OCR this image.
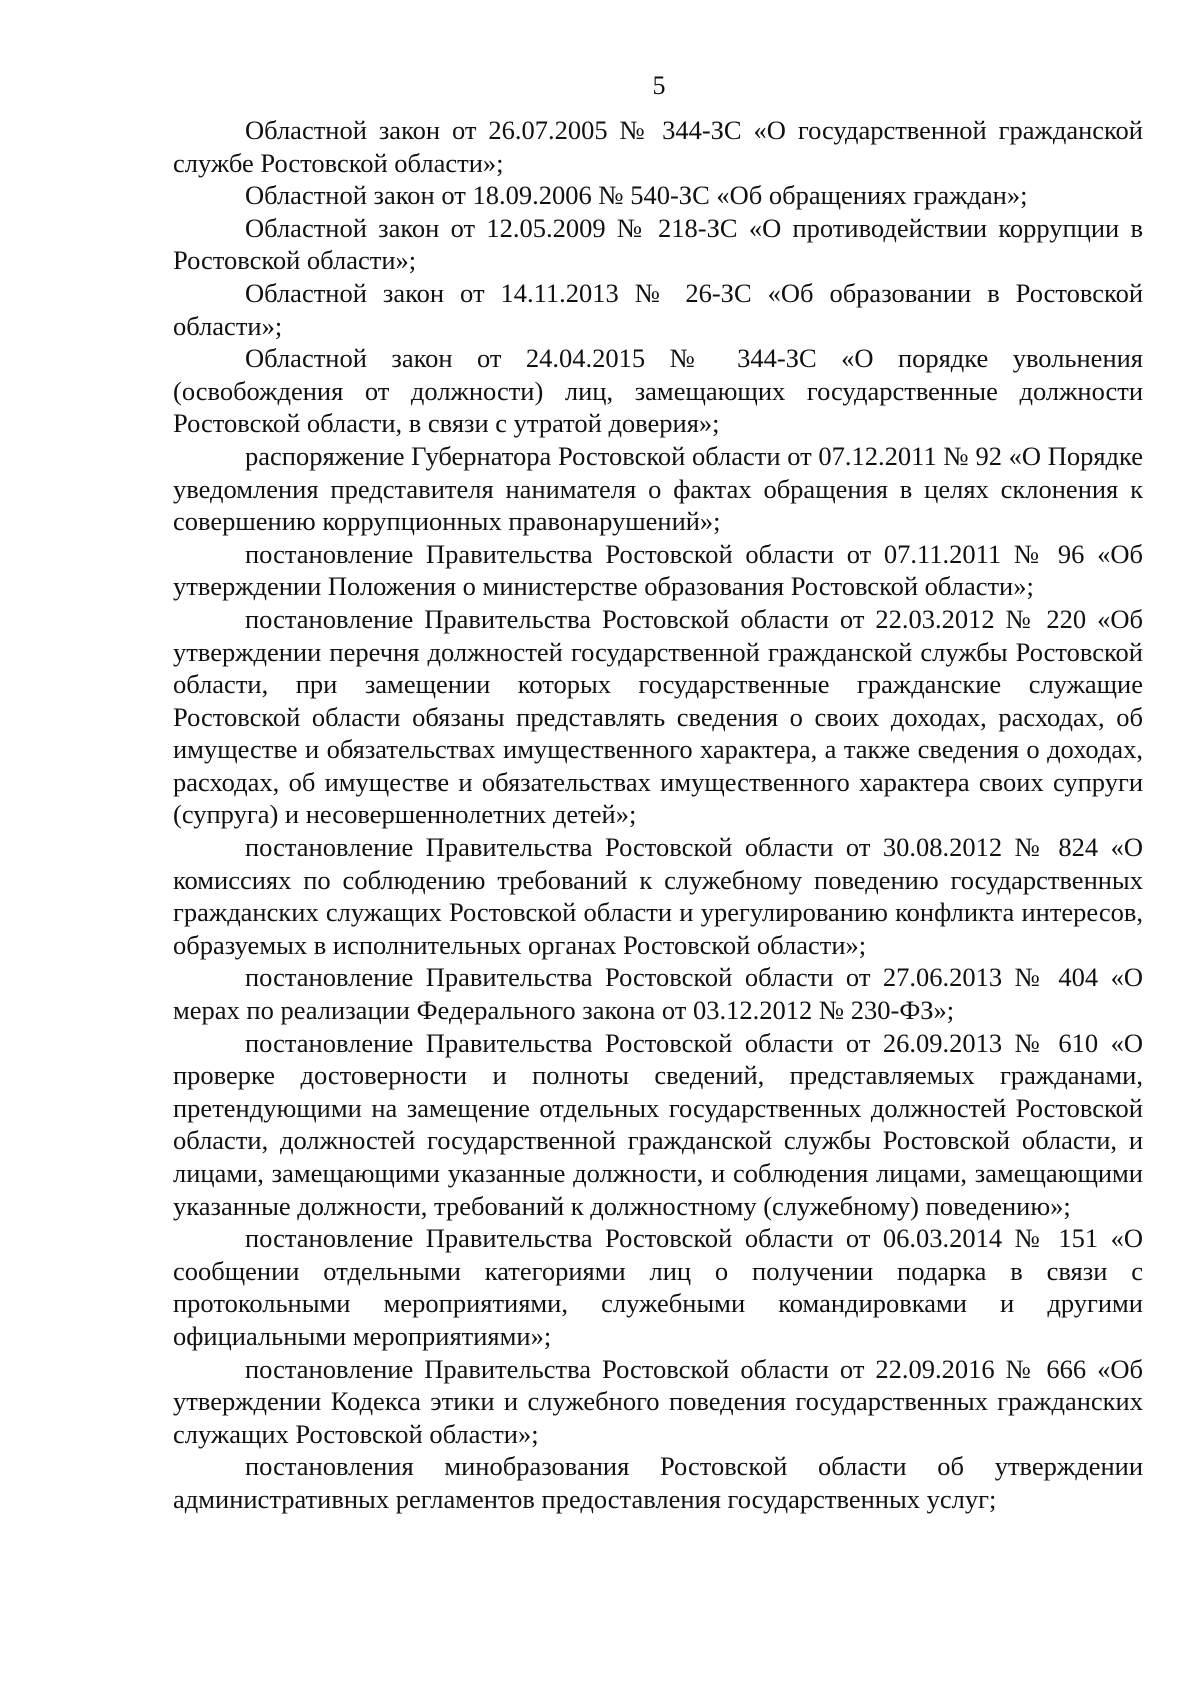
5

Областной закон от 26.07.2005 № 344-ЗС «О государственной гражданской службе Ростовской области»;

Областной закон от 18.09.2006 № 540-ЗС «Об обращениях граждан»;

Областной закон от 12.05.2009 № 218-ЗС «О противодействии коррупции в Ростовской области»;

Областной закон от 14.11.2013 № 26-ЗС «Об образовании в Ростовской области»;

Областной закон от 24.04.2015 № 344-ЗС «О порядке увольнения (освобождения от должности) лиц, замещающих государственные должности Ростовской области, в связи с утратой доверия»;

распоряжение Губернатора Ростовской области от 07.12.2011 № 92 «О Порядке уведомления представителя нанимателя о фактах обращения в целях склонения к совершению коррупционных правонарушений»;

постановление Правительства Ростовской области от 07.11.2011 № 96 «Об утверждении Положения о министерстве образования Ростовской области»;

постановление Правительства Ростовской области от 22.03.2012 № 220 «Об утверждении перечня должностей государственной гражданской службы Ростовской области, при замещении которых государственные гражданские служащие Ростовской области обязаны представлять сведения о своих доходах, расходах, об имуществе и обязательствах имущественного характера, а также сведения о доходах, расходах, об имуществе и обязательствах имущественного характера своих супруги (супруга) и несовершеннолетних детей»;

постановление Правительства Ростовской области от 30.08.2012 № 824 «О комиссиях по соблюдению требований к служебному поведению государственных гражданских служащих Ростовской области и урегулированию конфликта интересов, образуемых в исполнительных органах Ростовской области»;

постановление Правительства Ростовской области от 27.06.2013 № 404 «О мерах по реализации Федерального закона от 03.12.2012 № 230-ФЗ»;

постановление Правительства Ростовской области от 26.09.2013 № 610 «О проверке достоверности и полноты сведений, представляемых гражданами, претендующими на замещение отдельных государственных должностей Ростовской области, должностей государственной гражданской службы Ростовской области, и лицами, замещающими указанные должности, и соблюдения лицами, замещающими указанные должности, требований к должностному (служебному) поведению»;

постановление Правительства Ростовской области от 06.03.2014 № 151 «О сообщении отдельными категориями лиц о получении подарка в связи с протокольными мероприятиями, служебными командировками и другими официальными мероприятиями»;

постановление Правительства Ростовской области от 22.09.2016 № 666 «Об утверждении Кодекса этики и служебного поведения государственных гражданских служащих Ростовской области»;

постановления минобразования Ростовской области об утверждении административных регламентов предоставления государственных услуг;
